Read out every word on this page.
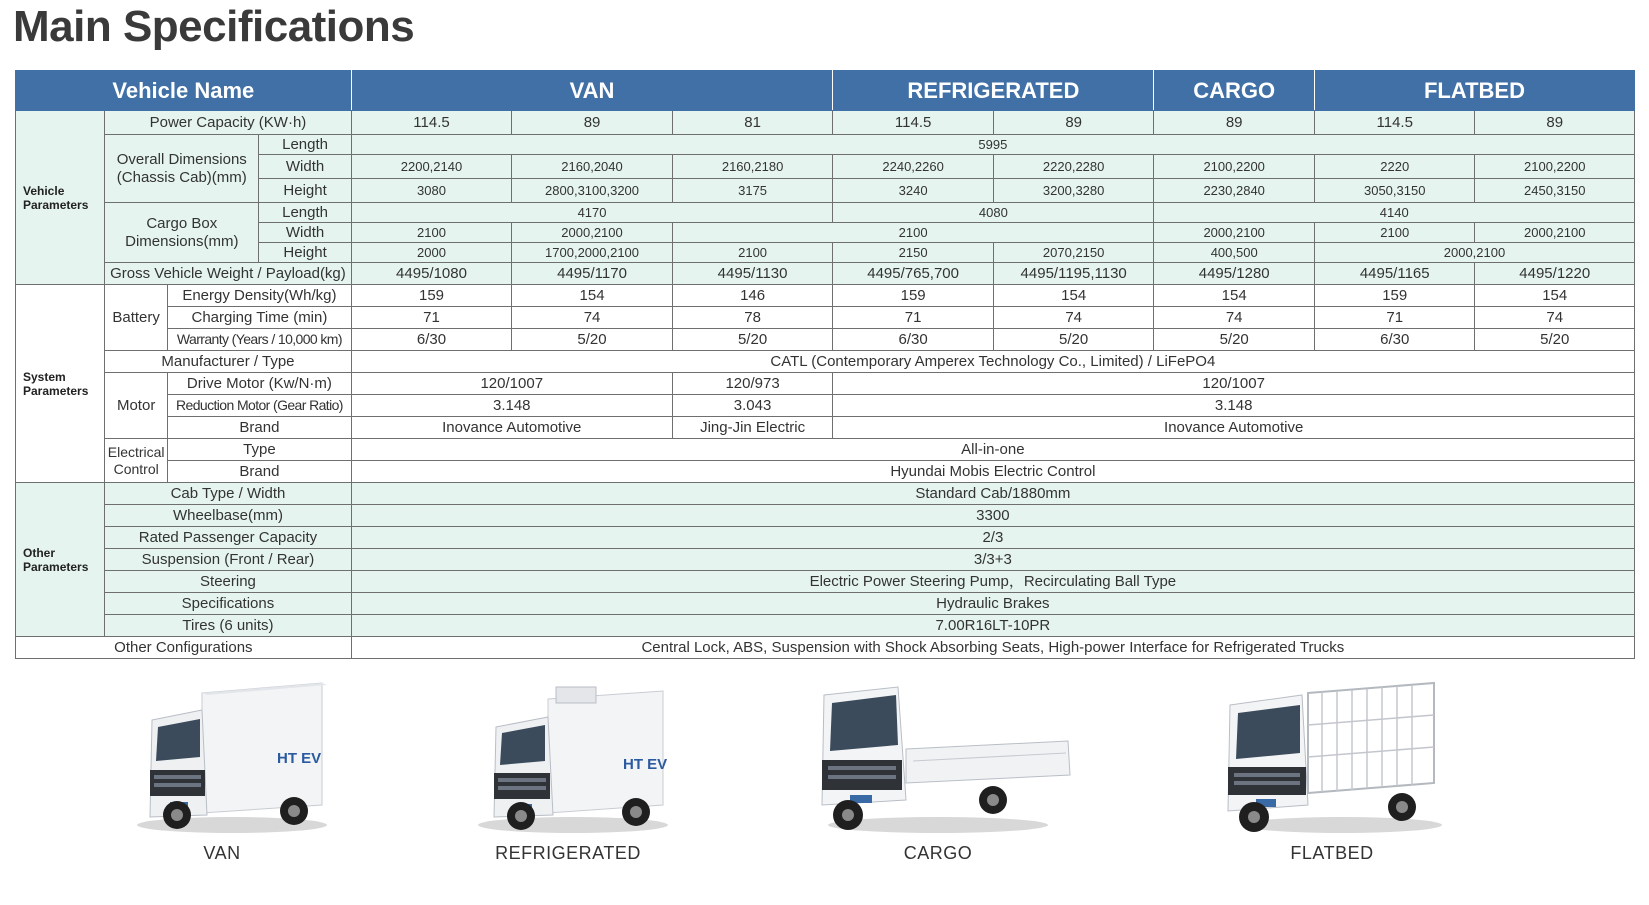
Main Specifications
Vehicle Name				VAN			REFRIGERATED		CARGO	FLATBED	
Vehicle Parameters	Power Capacity (KW·h)			114.5	89	81	114.5	89	89	114.5	89
	Overall Dimensions (Chassis Cab)(mm)		Length	5995							
			Width	2200,2140	2160,2040	2160,2180	2240,2260	2220,2280	2100,2200	2220	2100,2200
			Height	3080	2800,3100,3200	3175	3240	3200,3280	2230,2840	3050,3150	2450,3150
	Cargo Box Dimensions(mm)		Length	4170			4080		4140		
			Width	2100	2000,2100	2100			2000,2100	2100	2000,2100
			Height	2000	1700,2000,2100	2100	2150	2070,2150	400,500	2000,2100	
	Gross Vehicle Weight / Payload(kg)			4495/1080	4495/1170	4495/1130	4495/765,700	4495/1195,1130	4495/1280	4495/1165	4495/1220
System Parameters	Battery	Energy Density(Wh/kg)		159	154	146	159	154	154	159	154
		Charging Time (min)		71	74	78	71	74	74	71	74
		Warranty (Years / 10,000 km)		6/30	5/20	5/20	6/30	5/20	5/20	6/30	5/20
	Manufacturer / Type			CATL (Contemporary Amperex Technology Co., Limited) / LiFePO4							
	Motor	Drive Motor (Kw/N·m)		120/1007		120/973	120/1007				
		Reduction Motor (Gear Ratio)		3.148		3.043	3.148				
		Brand		Inovance Automotive		Jing-Jin Electric	Inovance Automotive				
	Electrical Control	Type		All-in-one							
		Brand		Hyundai Mobis Electric Control							
Other Parameters	Cab Type / Width			Standard Cab/1880mm							
	Wheelbase(mm)			3300							
	Rated Passenger Capacity			2/3							
	Suspension (Front / Rear)			3/3+3							
	Steering			Electric Power Steering Pump，Recirculating Ball Type							
	Specifications			Hydraulic Brakes							
	Tires (6 units)			7.00R16LT-10PR							
Other Configurations				Central Lock, ABS, Suspension with Shock Absorbing Seats, High-power Interface for Refrigerated Trucks							
HT EV
VAN
HT EV
REFRIGERATED	CARGO	FLATBED
